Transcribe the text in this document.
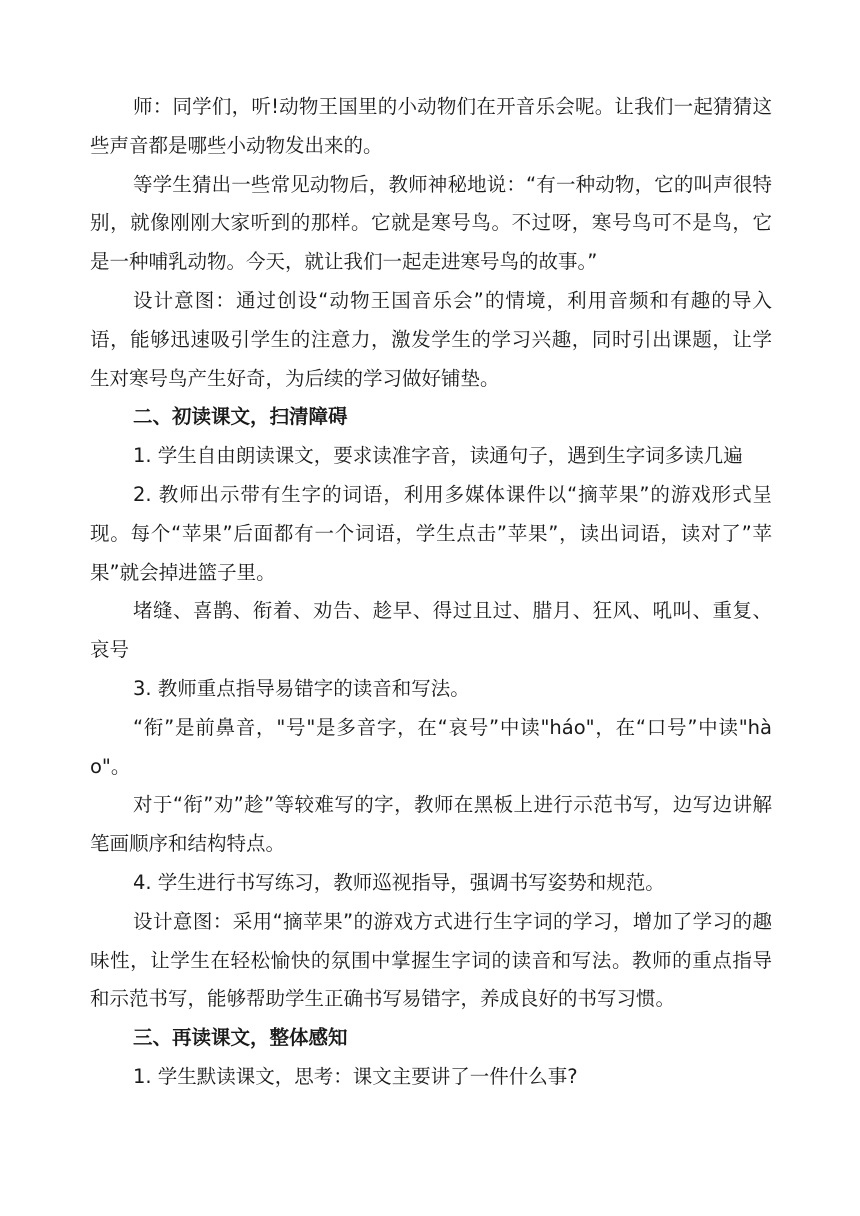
师：同学们，听!动物王国里的小动物们在开音乐会呢。让我们一起猜猜这些声音都是哪些小动物发出来的。

等学生猜出一些常见动物后，教师神秘地说：“有一种动物，它的叫声很特别，就像刚刚大家听到的那样。它就是寒号鸟。不过呀，寒号鸟可不是鸟，它是一种哺乳动物。今天，就让我们一起走进寒号鸟的故事。”

设计意图：通过创设“动物王国音乐会”的情境，利用音频和有趣的导入语，能够迅速吸引学生的注意力，激发学生的学习兴趣，同时引出课题，让学生对寒号鸟产生好奇，为后续的学习做好铺垫。

二、初读课文，扫清障碍

1. 学生自由朗读课文，要求读准字音，读通句子，遇到生字词多读几遍

2. 教师出示带有生字的词语，利用多媒体课件以“摘苹果”的游戏形式呈现。每个“苹果”后面都有一个词语，学生点击”苹果”，读出词语，读对了”苹果”就会掉进篮子里。

堵缝、喜鹊、衔着、劝告、趁早、得过且过、腊月、狂风、吼叫、重复、哀号

3. 教师重点指导易错字的读音和写法。

“衔”是前鼻音，"号"是多音字，在“哀号”中读"háo"，在“口号”中读"hào"。

对于“衔”劝”趁”等较难写的字，教师在黑板上进行示范书写，边写边讲解笔画顺序和结构特点。

4. 学生进行书写练习，教师巡视指导，强调书写姿势和规范。

设计意图：采用“摘苹果”的游戏方式进行生字词的学习，增加了学习的趣味性，让学生在轻松愉快的氛围中掌握生字词的读音和写法。教师的重点指导和示范书写，能够帮助学生正确书写易错字，养成良好的书写习惯。

三、再读课文，整体感知

1. 学生默读课文，思考：课文主要讲了一件什么事?
